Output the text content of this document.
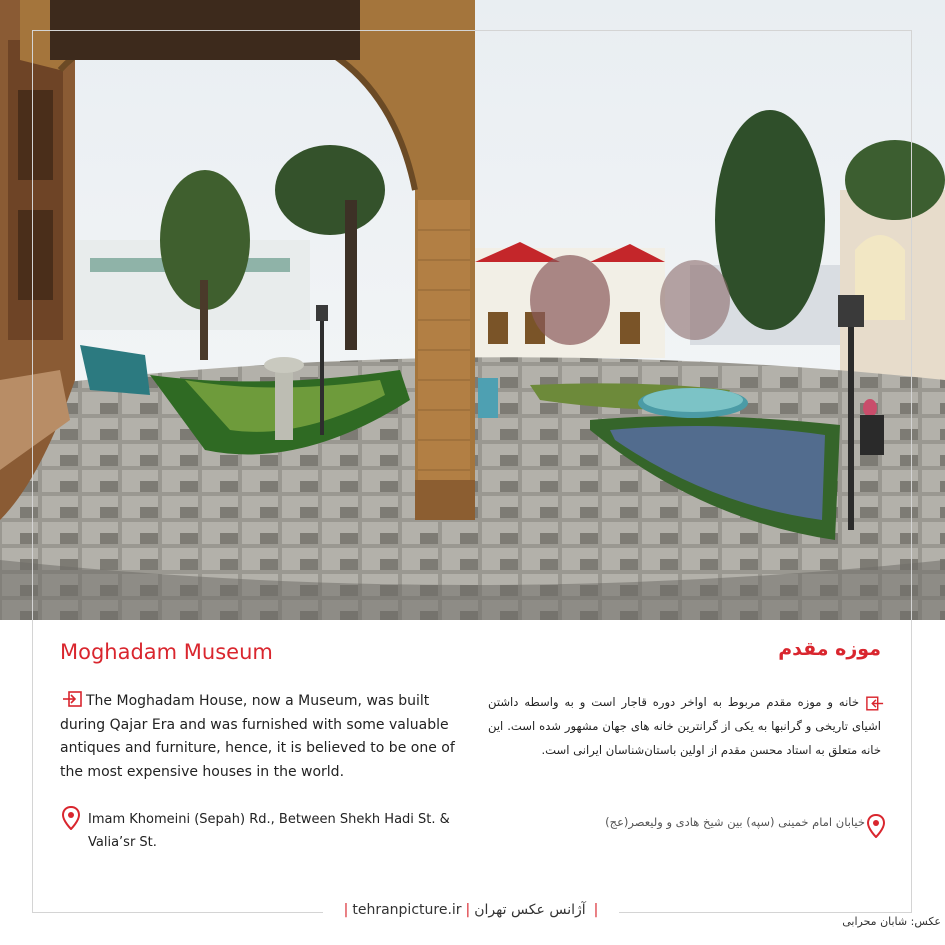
Moghadam Museum	موزه مقدم
The Moghadam House, now a Museum, was built during Qajar Era and was furnished with some valuable antiques and furniture, hence, it is believed to be one of the most expensive houses in the world.
خانه و موزه مقدم مربوط به اواخر دوره قاجار است و به واسطه داشتن اشیای تاریخی و گرانبها به یکی از گرانترین خانه های جهان مشهور شده است. این خانه متعلق به استاد محسن مقدم از اولین باستان‌شناسان ایرانی است.
Imam Khomeini (Sepah) Rd., Between Shekh Hadi St. & Valia’sr St.
خیابان امام خمینی (سپه) بین شیخ هادی و ولیعصر(عج)
| tehranpicture.ir | آژانس عکس تهران |
عکس: شابان محرابی
